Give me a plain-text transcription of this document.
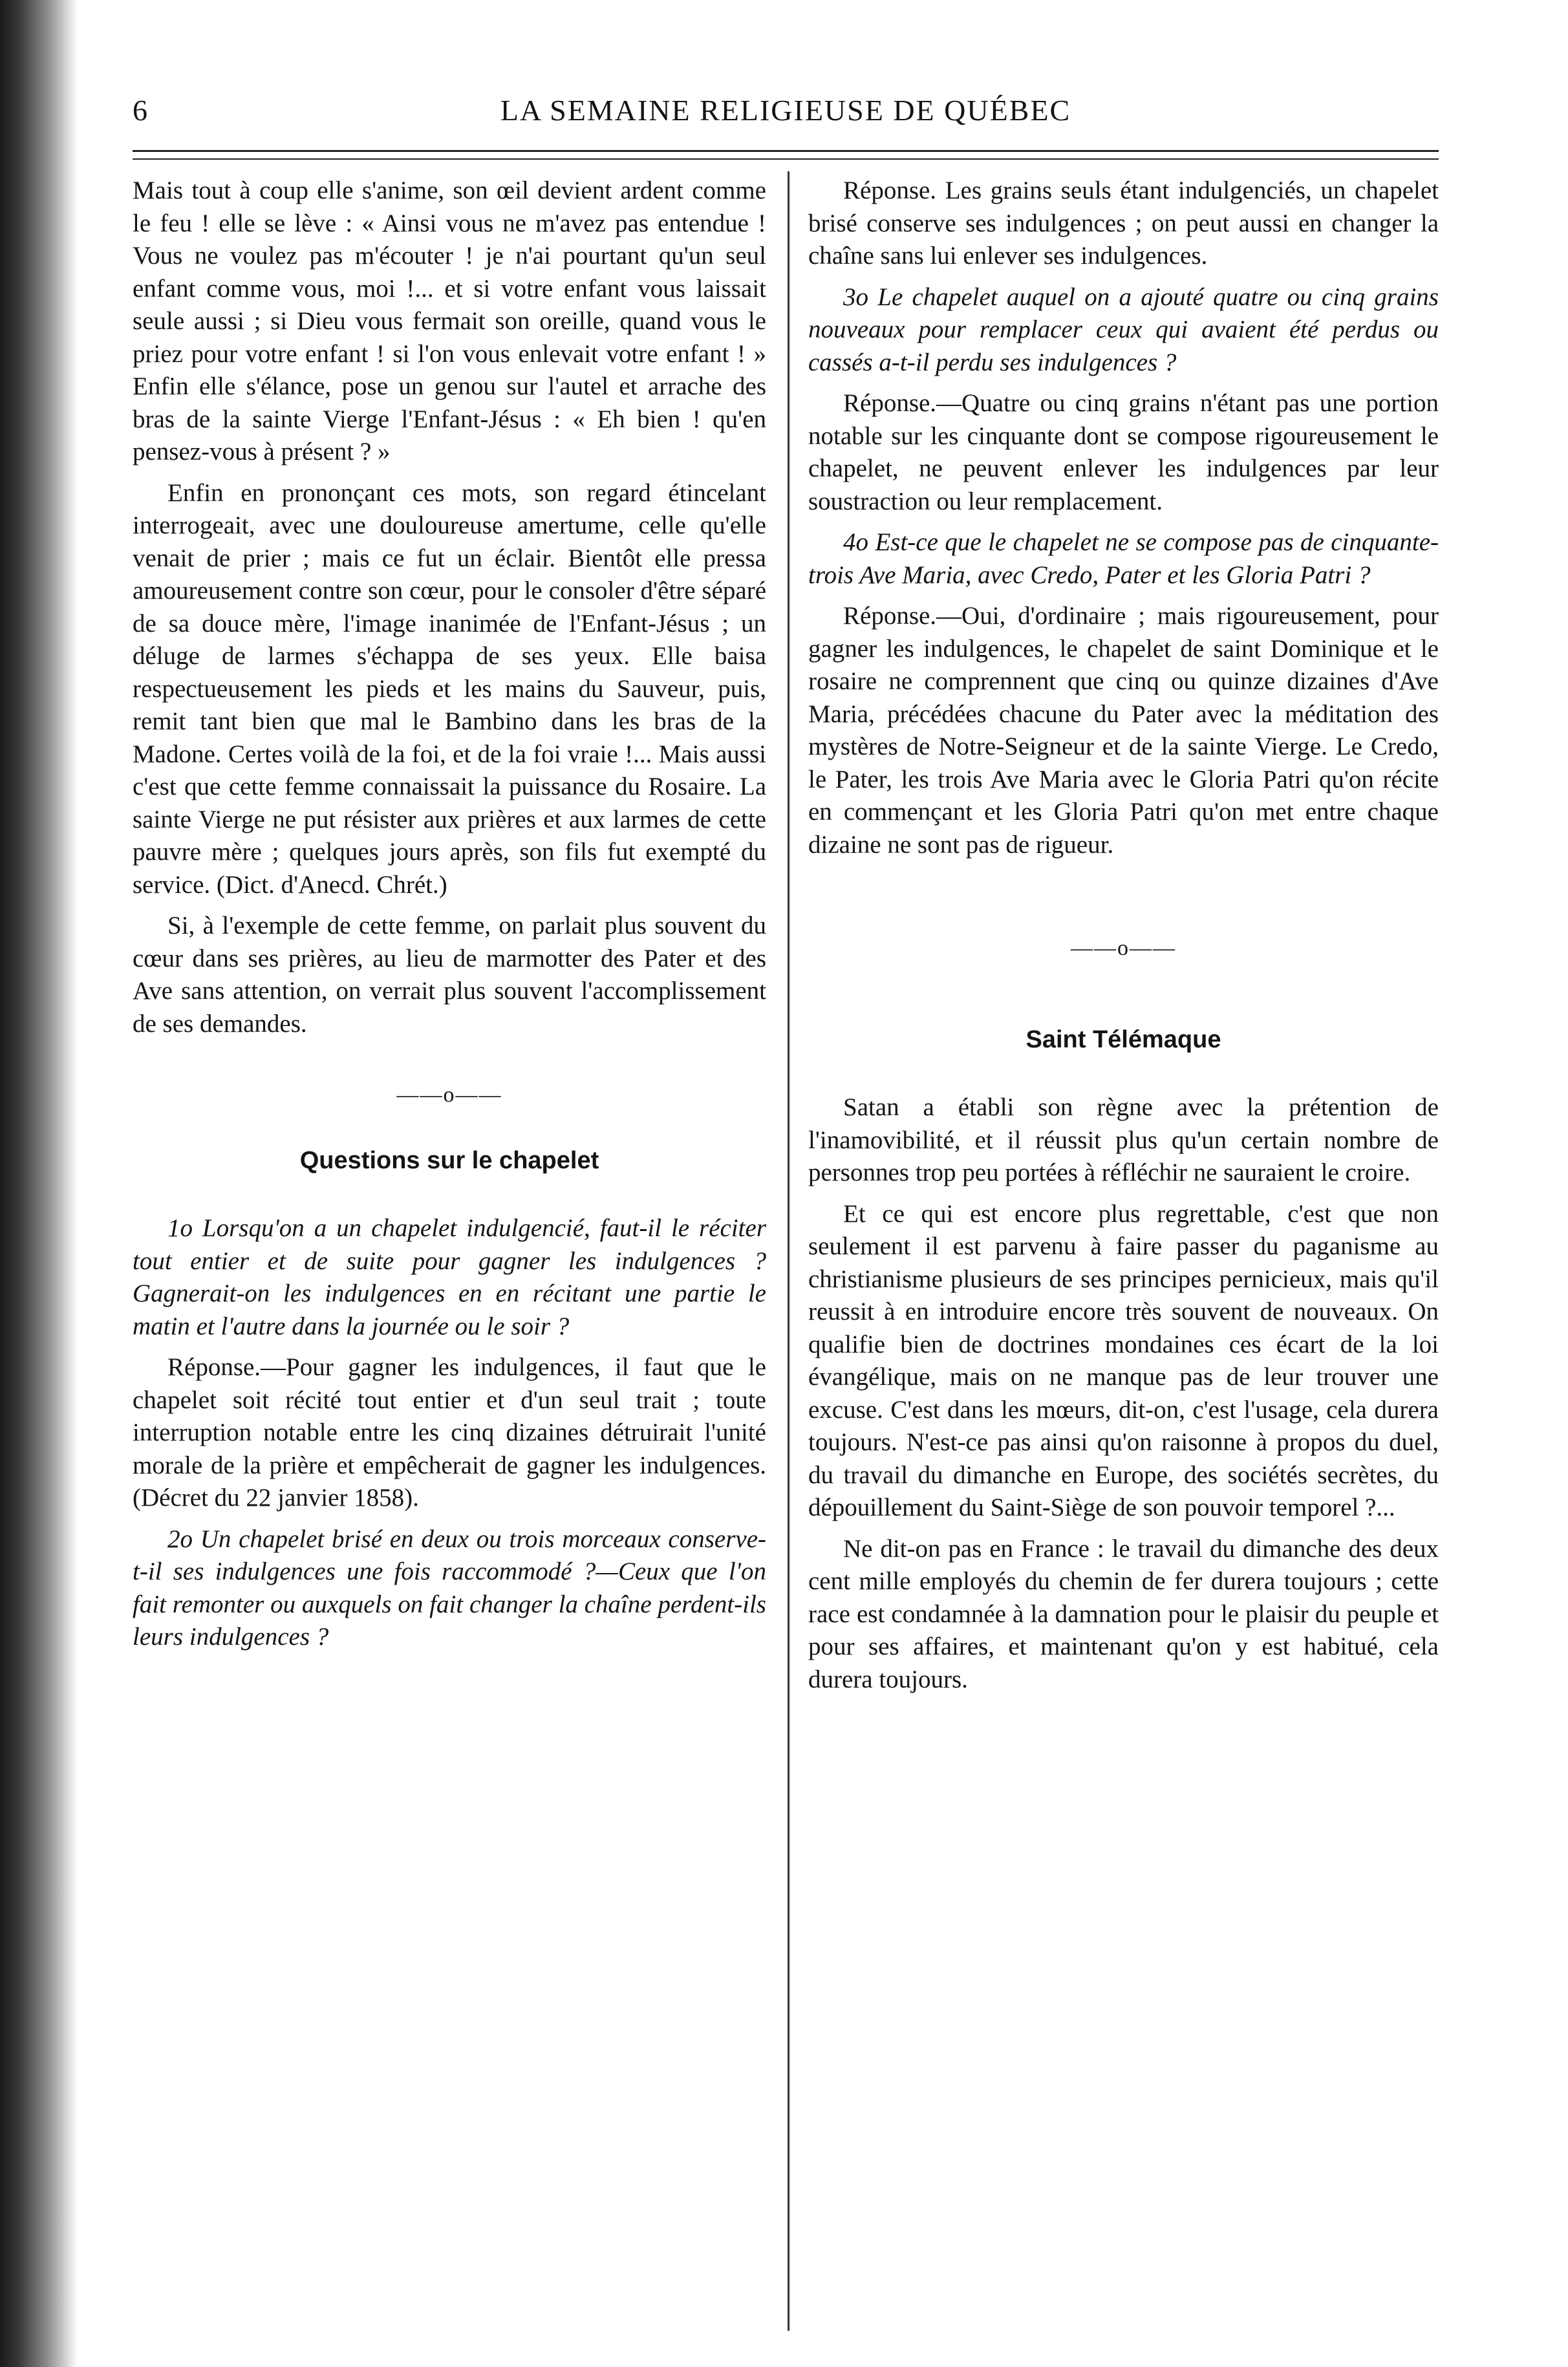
6	LA SEMAINE RELIGIEUSE DE QUÉBEC

Mais tout à coup elle s'anime, son œil devient ardent comme le feu ! elle se lève : « Ainsi vous ne m'avez pas entendue ! Vous ne voulez pas m'écouter ! je n'ai pourtant qu'un seul enfant comme vous, moi !... et si votre enfant vous laissait seule aussi ; si Dieu vous fermait son oreille, quand vous le priez pour votre enfant ! si l'on vous enlevait votre enfant ! » Enfin elle s'élance, pose un genou sur l'autel et arrache des bras de la sainte Vierge l'Enfant-Jésus : « Eh bien ! qu'en pensez-vous à présent ? »

Enfin en prononçant ces mots, son regard étincelant interrogeait, avec une douloureuse amertume, celle qu'elle venait de prier ; mais ce fut un éclair. Bientôt elle pressa amoureusement contre son cœur, pour le consoler d'être séparé de sa douce mère, l'image inanimée de l'Enfant-Jésus ; un déluge de larmes s'échappa de ses yeux. Elle baisa respectueusement les pieds et les mains du Sauveur, puis, remit tant bien que mal le Bambino dans les bras de la Madone. Certes voilà de la foi, et de la foi vraie !... Mais aussi c'est que cette femme connaissait la puissance du Rosaire. La sainte Vierge ne put résister aux prières et aux larmes de cette pauvre mère ; quelques jours après, son fils fut exempté du service. (Dict. d'Anecd. Chrét.)

Si, à l'exemple de cette femme, on parlait plus souvent du cœur dans ses prières, au lieu de marmotter des Pater et des Ave sans attention, on verrait plus souvent l'accomplissement de ses demandes.

——o——
Questions sur le chapelet

1o Lorsqu'on a un chapelet indulgencié, faut-il le réciter tout entier et de suite pour gagner les indulgences ? Gagnerait-on les indulgences en en récitant une partie le matin et l'autre dans la journée ou le soir ?

Réponse.—Pour gagner les indulgences, il faut que le chapelet soit récité tout entier et d'un seul trait ; toute interruption notable entre les cinq dizaines détruirait l'unité morale de la prière et empêcherait de gagner les indulgences. (Décret du 22 janvier 1858).

2o Un chapelet brisé en deux ou trois morceaux conserve-t-il ses indulgences une fois raccommodé ?—Ceux que l'on fait remonter ou auxquels on fait changer la chaîne perdent-ils leurs indulgences ?

Réponse. Les grains seuls étant indulgenciés, un chapelet brisé conserve ses indulgences ; on peut aussi en changer la chaîne sans lui enlever ses indulgences.

3o Le chapelet auquel on a ajouté quatre ou cinq grains nouveaux pour remplacer ceux qui avaient été perdus ou cassés a-t-il perdu ses indulgences ?

Réponse.—Quatre ou cinq grains n'étant pas une portion notable sur les cinquante dont se compose rigoureusement le chapelet, ne peuvent enlever les indulgences par leur soustraction ou leur remplacement.

4o Est-ce que le chapelet ne se compose pas de cinquante-trois Ave Maria, avec Credo, Pater et les Gloria Patri ?

Réponse.—Oui, d'ordinaire ; mais rigoureusement, pour gagner les indulgences, le chapelet de saint Dominique et le rosaire ne comprennent que cinq ou quinze dizaines d'Ave Maria, précédées chacune du Pater avec la méditation des mystères de Notre-Seigneur et de la sainte Vierge. Le Credo, le Pater, les trois Ave Maria avec le Gloria Patri qu'on récite en commençant et les Gloria Patri qu'on met entre chaque dizaine ne sont pas de rigueur.

——o——
Saint Télémaque

Satan a établi son règne avec la prétention de l'inamovibilité, et il réussit plus qu'un certain nombre de personnes trop peu portées à réfléchir ne sauraient le croire.

Et ce qui est encore plus regrettable, c'est que non seulement il est parvenu à faire passer du paganisme au christianisme plusieurs de ses principes pernicieux, mais qu'il reussit à en introduire encore très souvent de nouveaux. On qualifie bien de doctrines mondaines ces écart de la loi évangélique, mais on ne manque pas de leur trouver une excuse. C'est dans les mœurs, dit-on, c'est l'usage, cela durera toujours. N'est-ce pas ainsi qu'on raisonne à propos du duel, du travail du dimanche en Europe, des sociétés secrètes, du dépouillement du Saint-Siège de son pouvoir temporel ?...

Ne dit-on pas en France : le travail du dimanche des deux cent mille employés du chemin de fer durera toujours ; cette race est condamnée à la damnation pour le plaisir du peuple et pour ses affaires, et maintenant qu'on y est habitué, cela durera toujours.
